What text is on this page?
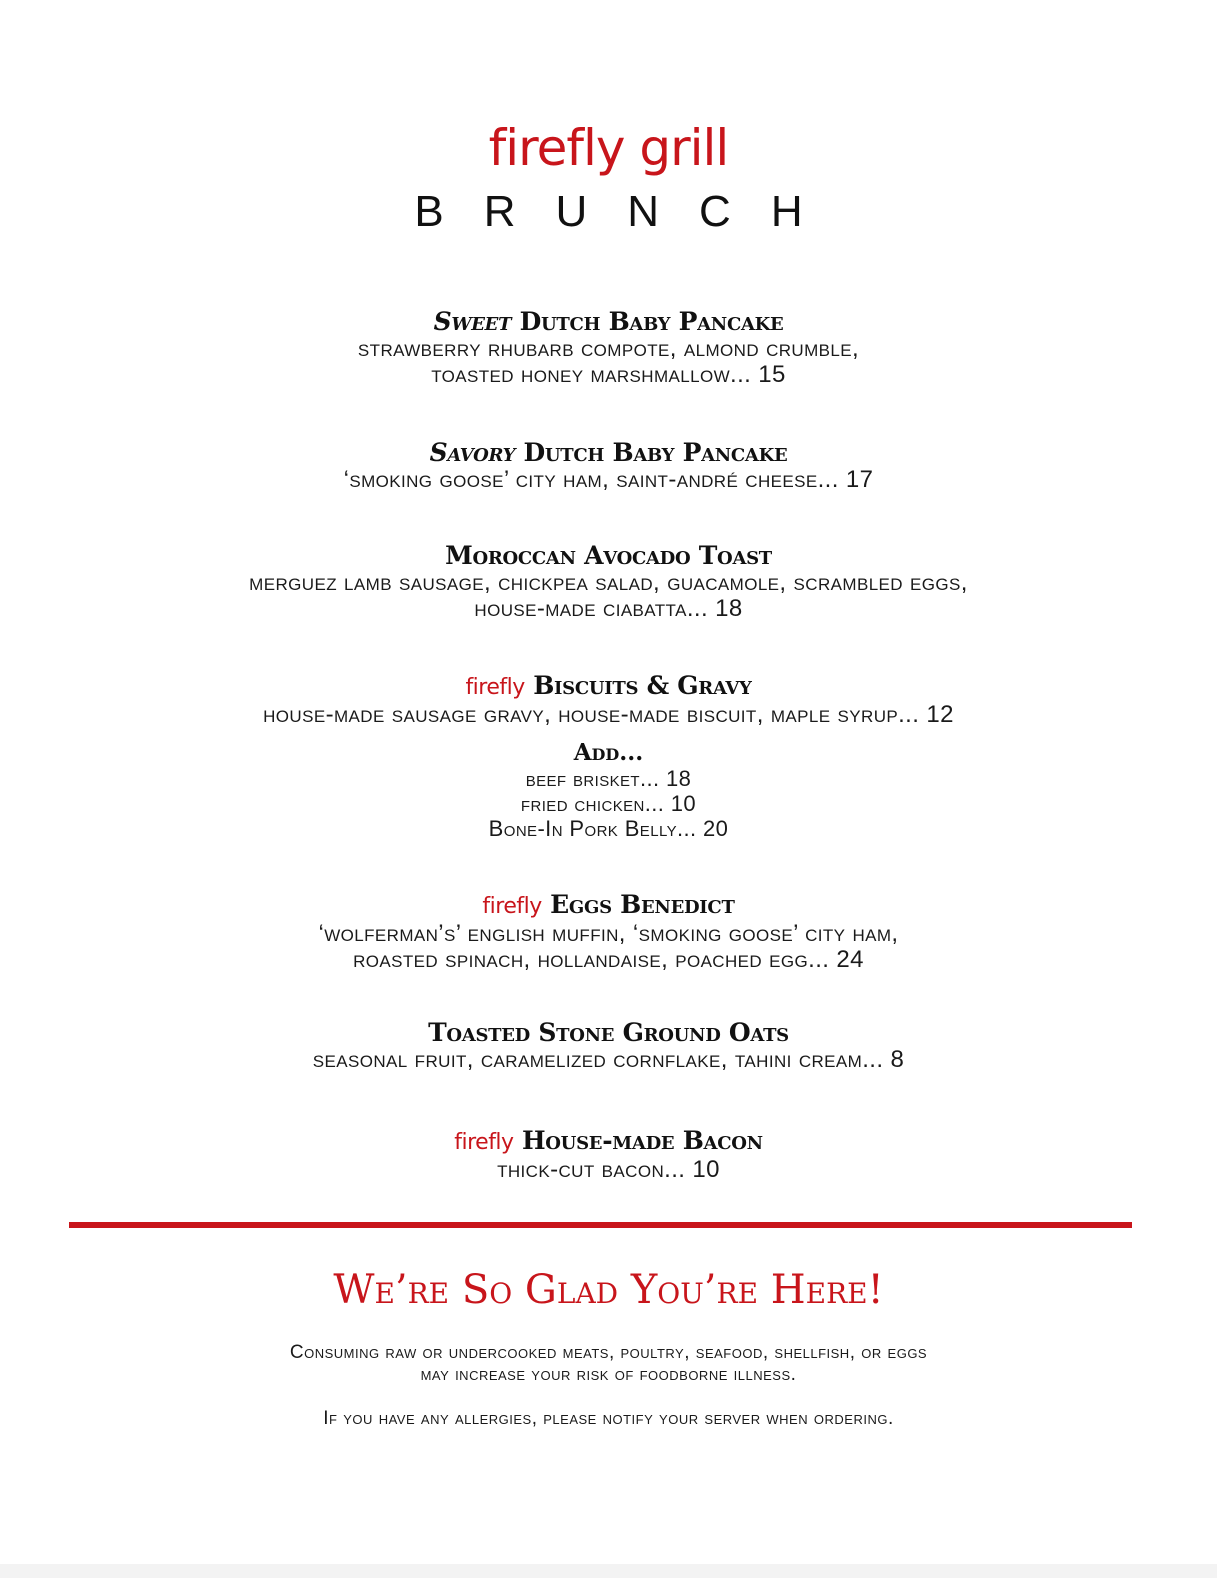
firefly grill
BRUNCH
Sweet Dutch Baby Pancake
strawberry rhubarb compote, almond crumble,
toasted honey marshmallow... 15
Savory Dutch Baby Pancake
‘smoking goose’ city ham, saint-andré cheese... 17
Moroccan Avocado Toast
merguez lamb sausage, chickpea salad, guacamole, scrambled eggs,
house-made ciabatta... 18
firefly Biscuits & Gravy
house-made sausage gravy, house-made biscuit, maple syrup... 12
Add...
beef brisket... 18
fried chicken... 10
Bone-In Pork Belly... 20
firefly Eggs Benedict
‘wolferman’s’ english muffin, ‘smoking goose’ city ham,
roasted spinach, hollandaise, poached egg... 24
Toasted Stone Ground Oats
seasonal fruit, caramelized cornflake, tahini cream... 8
firefly House-made Bacon
thick-cut bacon... 10
We’re So Glad You’re Here!
Consuming raw or undercooked meats, poultry, seafood, shellfish, or eggs
may increase your risk of foodborne illness.
If you have any allergies, please notify your server when ordering.
